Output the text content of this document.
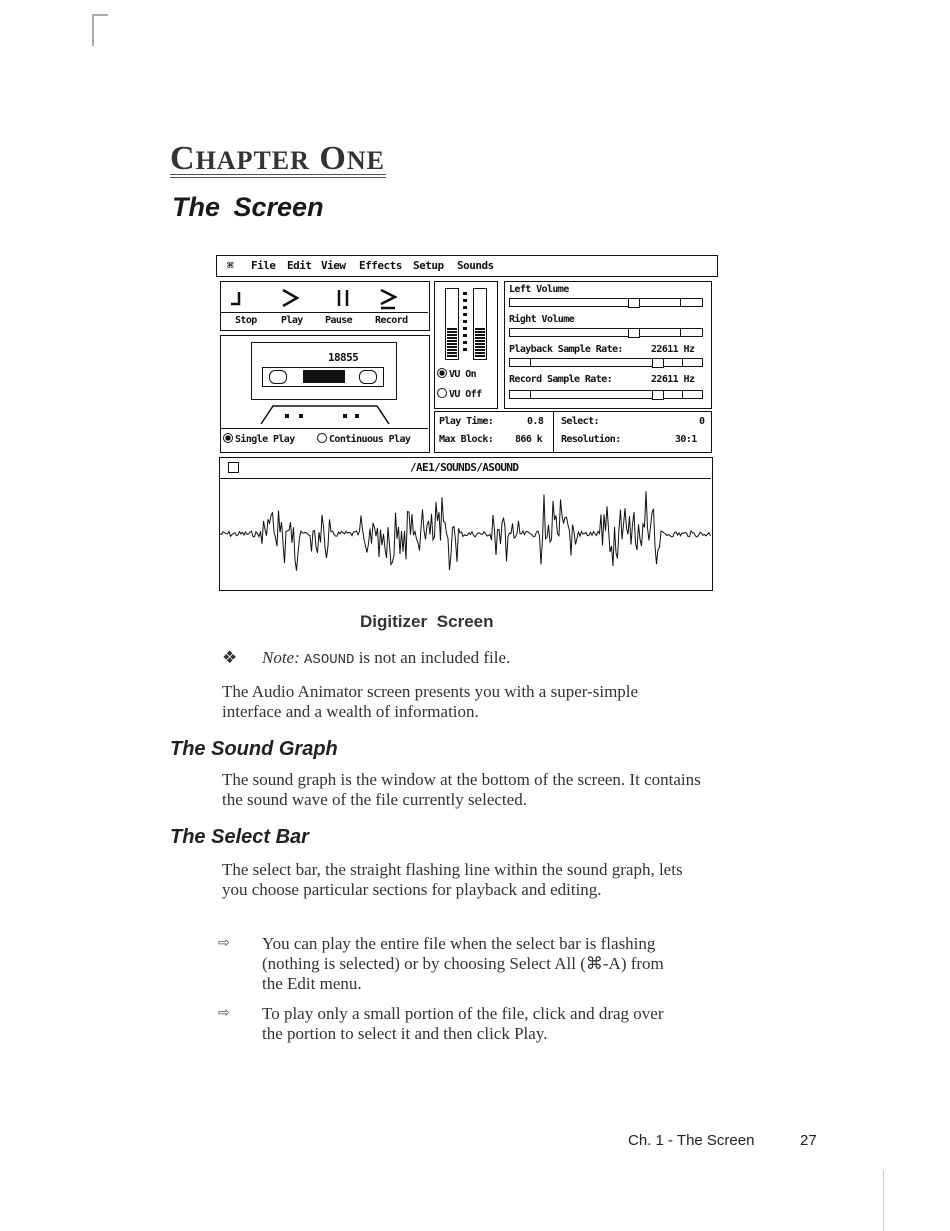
CHAPTER ONE
The Screen
⌘ File Edit View Effects Setup Sounds
Stop Play Pause Record
18855
Single Play	Continuous Play
VU On
VU Off
Left Volume
Right Volume
Playback Sample Rate:	22611 Hz
Record Sample Rate:	22611 Hz
Play Time:	0.8
Max Block: 866 k
Select:	0
Resolution:	30:1
/AE1/SOUNDS/ASOUND
Digitizer Screen
❖ Note: ASOUND is not an included file.
The Audio Animator screen presents you with a super-simple interface and a wealth of information.
The Sound Graph
The sound graph is the window at the bottom of the screen. It contains the sound wave of the file currently selected.
The Select Bar
The select bar, the straight flashing line within the sound graph, lets you choose particular sections for playback and editing.
⇨ You can play the entire file when the select bar is flashing (nothing is selected) or by choosing Select All (⌘-A) from the Edit menu.
⇨ To play only a small portion of the file, click and drag over the portion to select it and then click Play.
Ch. 1 - The Screen	27
